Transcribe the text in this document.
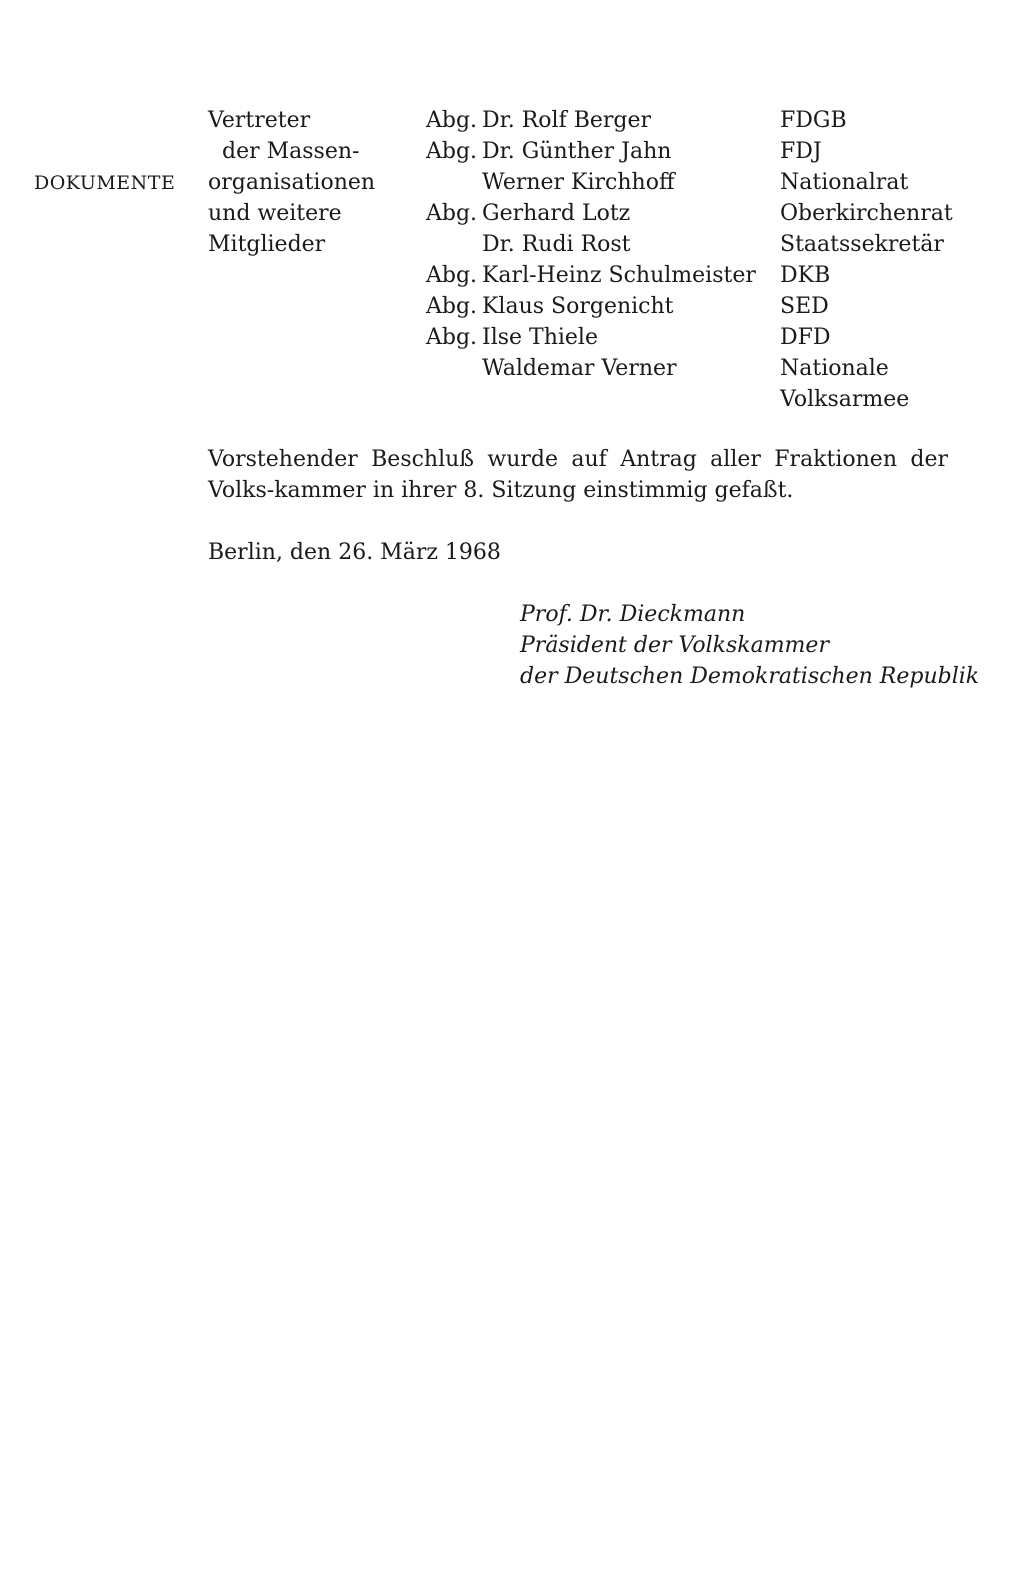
DOKUMENTE
Vertreter
der Massen-
organisationen
und weitere
Mitglieder
Abg. Dr. Rolf Berger
Abg. Dr. Günther Jahn
Werner Kirchhoff
Abg. Gerhard Lotz
Dr. Rudi Rost
Abg. Karl-Heinz Schulmeister
Abg. Klaus Sorgenicht
Abg. Ilse Thiele
Waldemar Verner
FDGB
FDJ
Nationalrat
Oberkirchenrat
Staatssekretär
DKB
SED
DFD
Nationale
Volksarmee

Vorstehender Beschluß wurde auf Antrag aller Fraktionen der Volks-kammer in ihrer 8. Sitzung einstimmig gefaßt.

Berlin, den 26. März 1968
Prof. Dr. Dieckmann
Präsident der Volkskammer
der Deutschen Demokratischen Republik
